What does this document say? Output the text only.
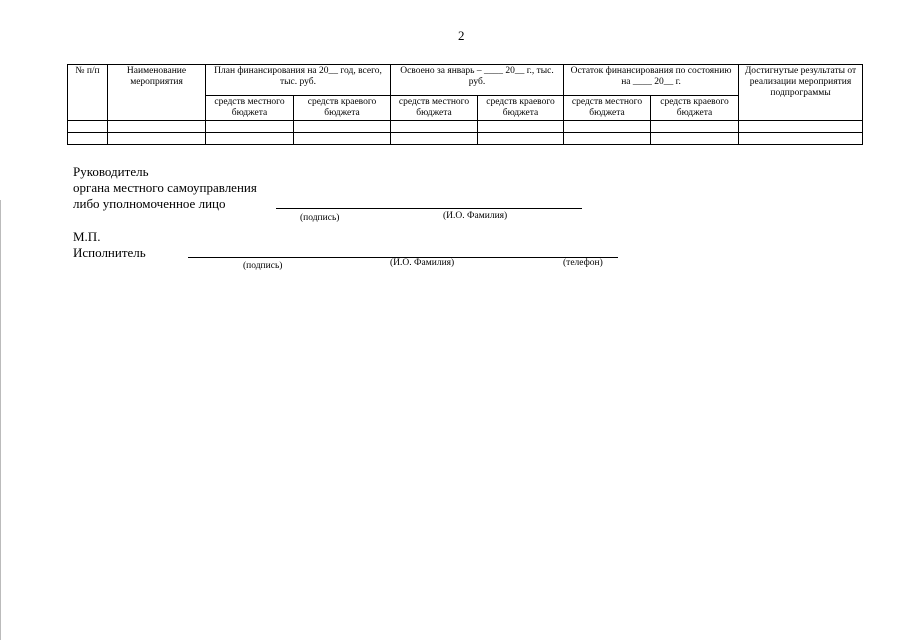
2
№ п/п	Наименование мероприятия	План финансирования на 20__ год, всего, тыс. руб.		Освоено за январь – ____ 20__ г., тыс. руб.		Остаток финансирования по состоянию на ____ 20__ г.		Достигнутые результаты от реализации мероприятия подпрограммы
		средств местного бюджета	средств краевого бюджета	средств местного бюджета	средств краевого бюджета	средств местного бюджета	средств краевого бюджета	

Руководитель
органа местного самоуправления
либо уполномоченное лицо
(подпись)	(И.О. Фамилия)
М.П.
Исполнитель
(подпись)	(И.О. Фамилия)	(телефон)
